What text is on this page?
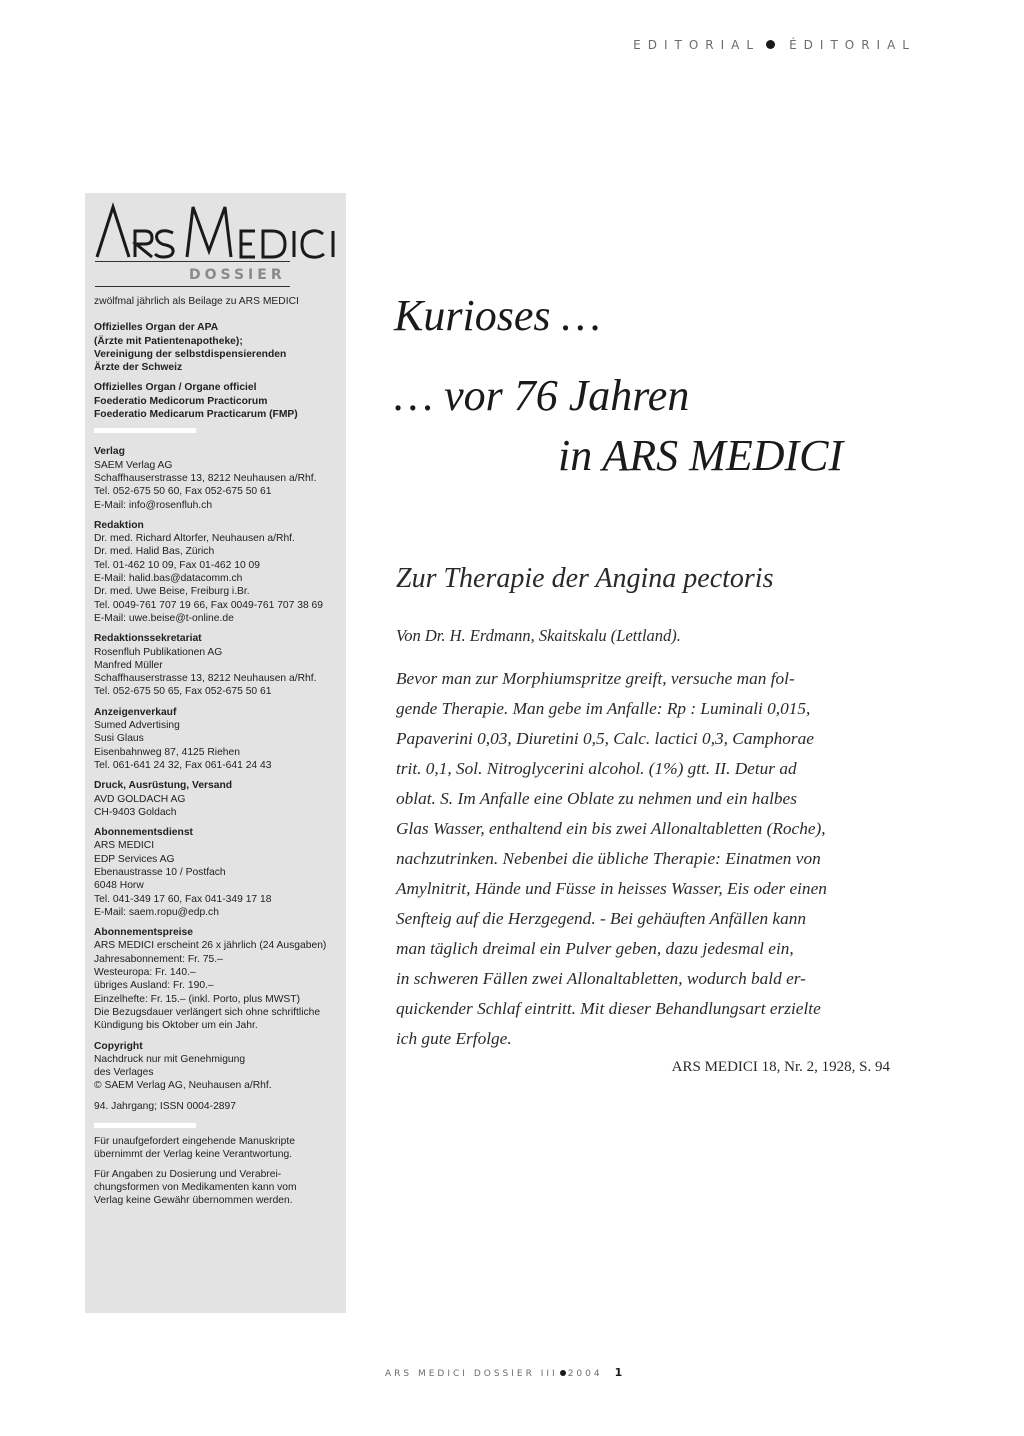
EDITORIAL ÉDITORIAL
DOSSIER
zwölfmal jährlich als Beilage zu ARS MEDICI
Offizielles Organ der APA
(Ärzte mit Patientenapotheke);
Vereinigung der selbstdispensierenden
Ärzte der Schweiz
Offizielles Organ / Organe officiel
Foederatio Medicorum Practicorum
Foederatio Medicarum Practicarum (FMP)
Verlag
SAEM Verlag AG
Schaffhauserstrasse 13, 8212 Neuhausen a/Rhf.
Tel. 052-675 50 60, Fax 052-675 50 61
E-Mail: info@rosenfluh.ch
Redaktion
Dr. med. Richard Altorfer, Neuhausen a/Rhf.
Dr. med. Halid Bas, Zürich
Tel. 01-462 10 09, Fax 01-462 10 09
E-Mail: halid.bas@datacomm.ch
Dr. med. Uwe Beise, Freiburg i.Br.
Tel. 0049-761 707 19 66, Fax 0049-761 707 38 69
E-Mail: uwe.beise@t-online.de
Redaktionssekretariat
Rosenfluh Publikationen AG
Manfred Müller
Schaffhauserstrasse 13, 8212 Neuhausen a/Rhf.
Tel. 052-675 50 65, Fax 052-675 50 61
Anzeigenverkauf
Sumed Advertising
Susi Glaus
Eisenbahnweg 87, 4125 Riehen
Tel. 061-641 24 32, Fax 061-641 24 43
Druck, Ausrüstung, Versand
AVD GOLDACH AG
CH-9403 Goldach
Abonnementsdienst
ARS MEDICI
EDP Services AG
Ebenaustrasse 10 / Postfach
6048 Horw
Tel. 041-349 17 60, Fax 041-349 17 18
E-Mail: saem.ropu@edp.ch
Abonnementspreise
ARS MEDICI erscheint 26 x jährlich (24 Ausgaben)
Jahresabonnement: Fr. 75.–
Westeuropa: Fr. 140.–
übriges Ausland: Fr. 190.–
Einzelhefte: Fr. 15.– (inkl. Porto, plus MWST)
Die Bezugsdauer verlängert sich ohne schriftliche
Kündigung bis Oktober um ein Jahr.
Copyright
Nachdruck nur mit Genehmigung
des Verlages
© SAEM Verlag AG, Neuhausen a/Rhf.
94. Jahrgang; ISSN 0004-2897
Für unaufgefordert eingehende Manuskripte
übernimmt der Verlag keine Verantwortung.
Für Angaben zu Dosierung und Verabrei-
chungsformen von Medikamenten kann vom
Verlag keine Gewähr übernommen werden.
Kurioses …
… vor 76 Jahren
in ARS MEDICI
Zur Therapie der Angina pectoris
Von Dr. H. Erdmann, Skaitskalu (Lettland).
Bevor man zur Morphiumspritze greift, versuche man fol-
gende Therapie. Man gebe im Anfalle: Rp : Luminali 0,015,
Papaverini 0,03, Diuretini 0,5, Calc. lactici 0,3, Camphorae
trit. 0,1, Sol. Nitroglycerini alcohol. (1%) gtt. II. Detur ad
oblat. S. Im Anfalle eine Oblate zu nehmen und ein halbes
Glas Wasser, enthaltend ein bis zwei Allonaltabletten (Roche),
nachzutrinken. Nebenbei die übliche Therapie: Einatmen von
Amylnitrit, Hände und Füsse in heisses Wasser, Eis oder einen
Senfteig auf die Herzgegend. - Bei gehäuften Anfällen kann
man täglich dreimal ein Pulver geben, dazu jedesmal ein,
in schweren Fällen zwei Allonaltabletten, wodurch bald er-
quickender Schlaf eintritt. Mit dieser Behandlungsart erzielte
ich gute Erfolge.
ARS MEDICI 18, Nr. 2, 1928, S. 94
ARS MEDICI DOSSIER III 2004 1
